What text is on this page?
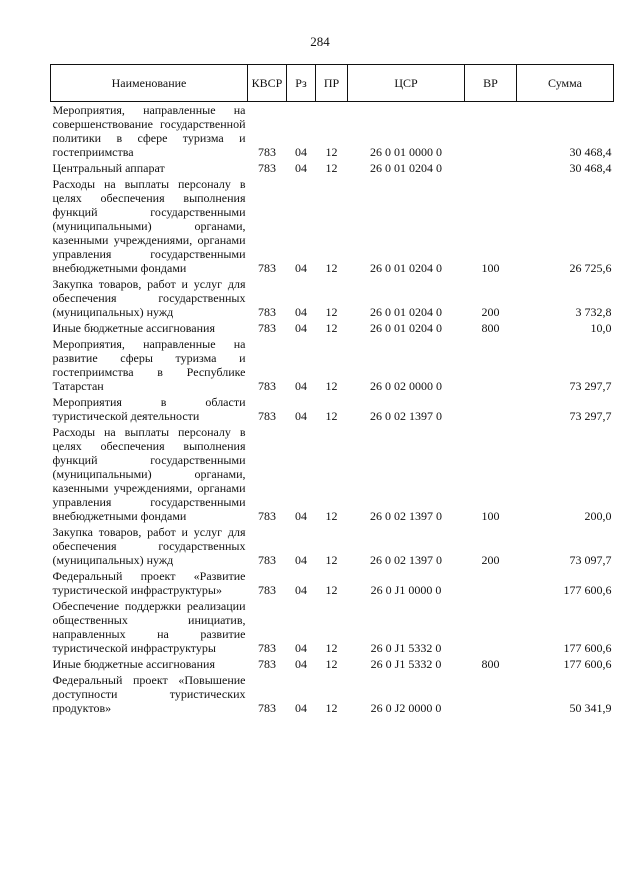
284
Наименование	КВСР	Рз	ПР	ЦСР	ВР	Сумма
Мероприятия, направленные на совершенствование государственной политики в сфере туризма и гостеприимства	783	04	12	26 0 01 0000 0		30 468,4
Центральный аппарат	783	04	12	26 0 01 0204 0		30 468,4
Расходы на выплаты персоналу в целях обеспечения выполнения функций государственными (муниципальными) органами, казенными учреждениями, органами управления государственными внебюджетными фондами	783	04	12	26 0 01 0204 0	100	26 725,6
Закупка товаров, работ и услуг для обеспечения государственных (муниципальных) нужд	783	04	12	26 0 01 0204 0	200	3 732,8
Иные бюджетные ассигнования	783	04	12	26 0 01 0204 0	800	10,0
Мероприятия, направленные на развитие сферы туризма и гостеприимства в Республике Татарстан	783	04	12	26 0 02 0000 0		73 297,7
Мероприятия в области туристической деятельности	783	04	12	26 0 02 1397 0		73 297,7
Расходы на выплаты персоналу в целях обеспечения выполнения функций государственными (муниципальными) органами, казенными учреждениями, органами управления государственными внебюджетными фондами	783	04	12	26 0 02 1397 0	100	200,0
Закупка товаров, работ и услуг для обеспечения государственных (муниципальных) нужд	783	04	12	26 0 02 1397 0	200	73 097,7
Федеральный проект «Развитие туристической инфраструктуры»	783	04	12	26 0 J1 0000 0		177 600,6
Обеспечение поддержки реализации общественных инициатив, направленных на развитие туристической инфраструктуры	783	04	12	26 0 J1 5332 0		177 600,6
Иные бюджетные ассигнования	783	04	12	26 0 J1 5332 0	800	177 600,6
Федеральный проект «Повышение доступности туристических продуктов»	783	04	12	26 0 J2 0000 0		50 341,9
